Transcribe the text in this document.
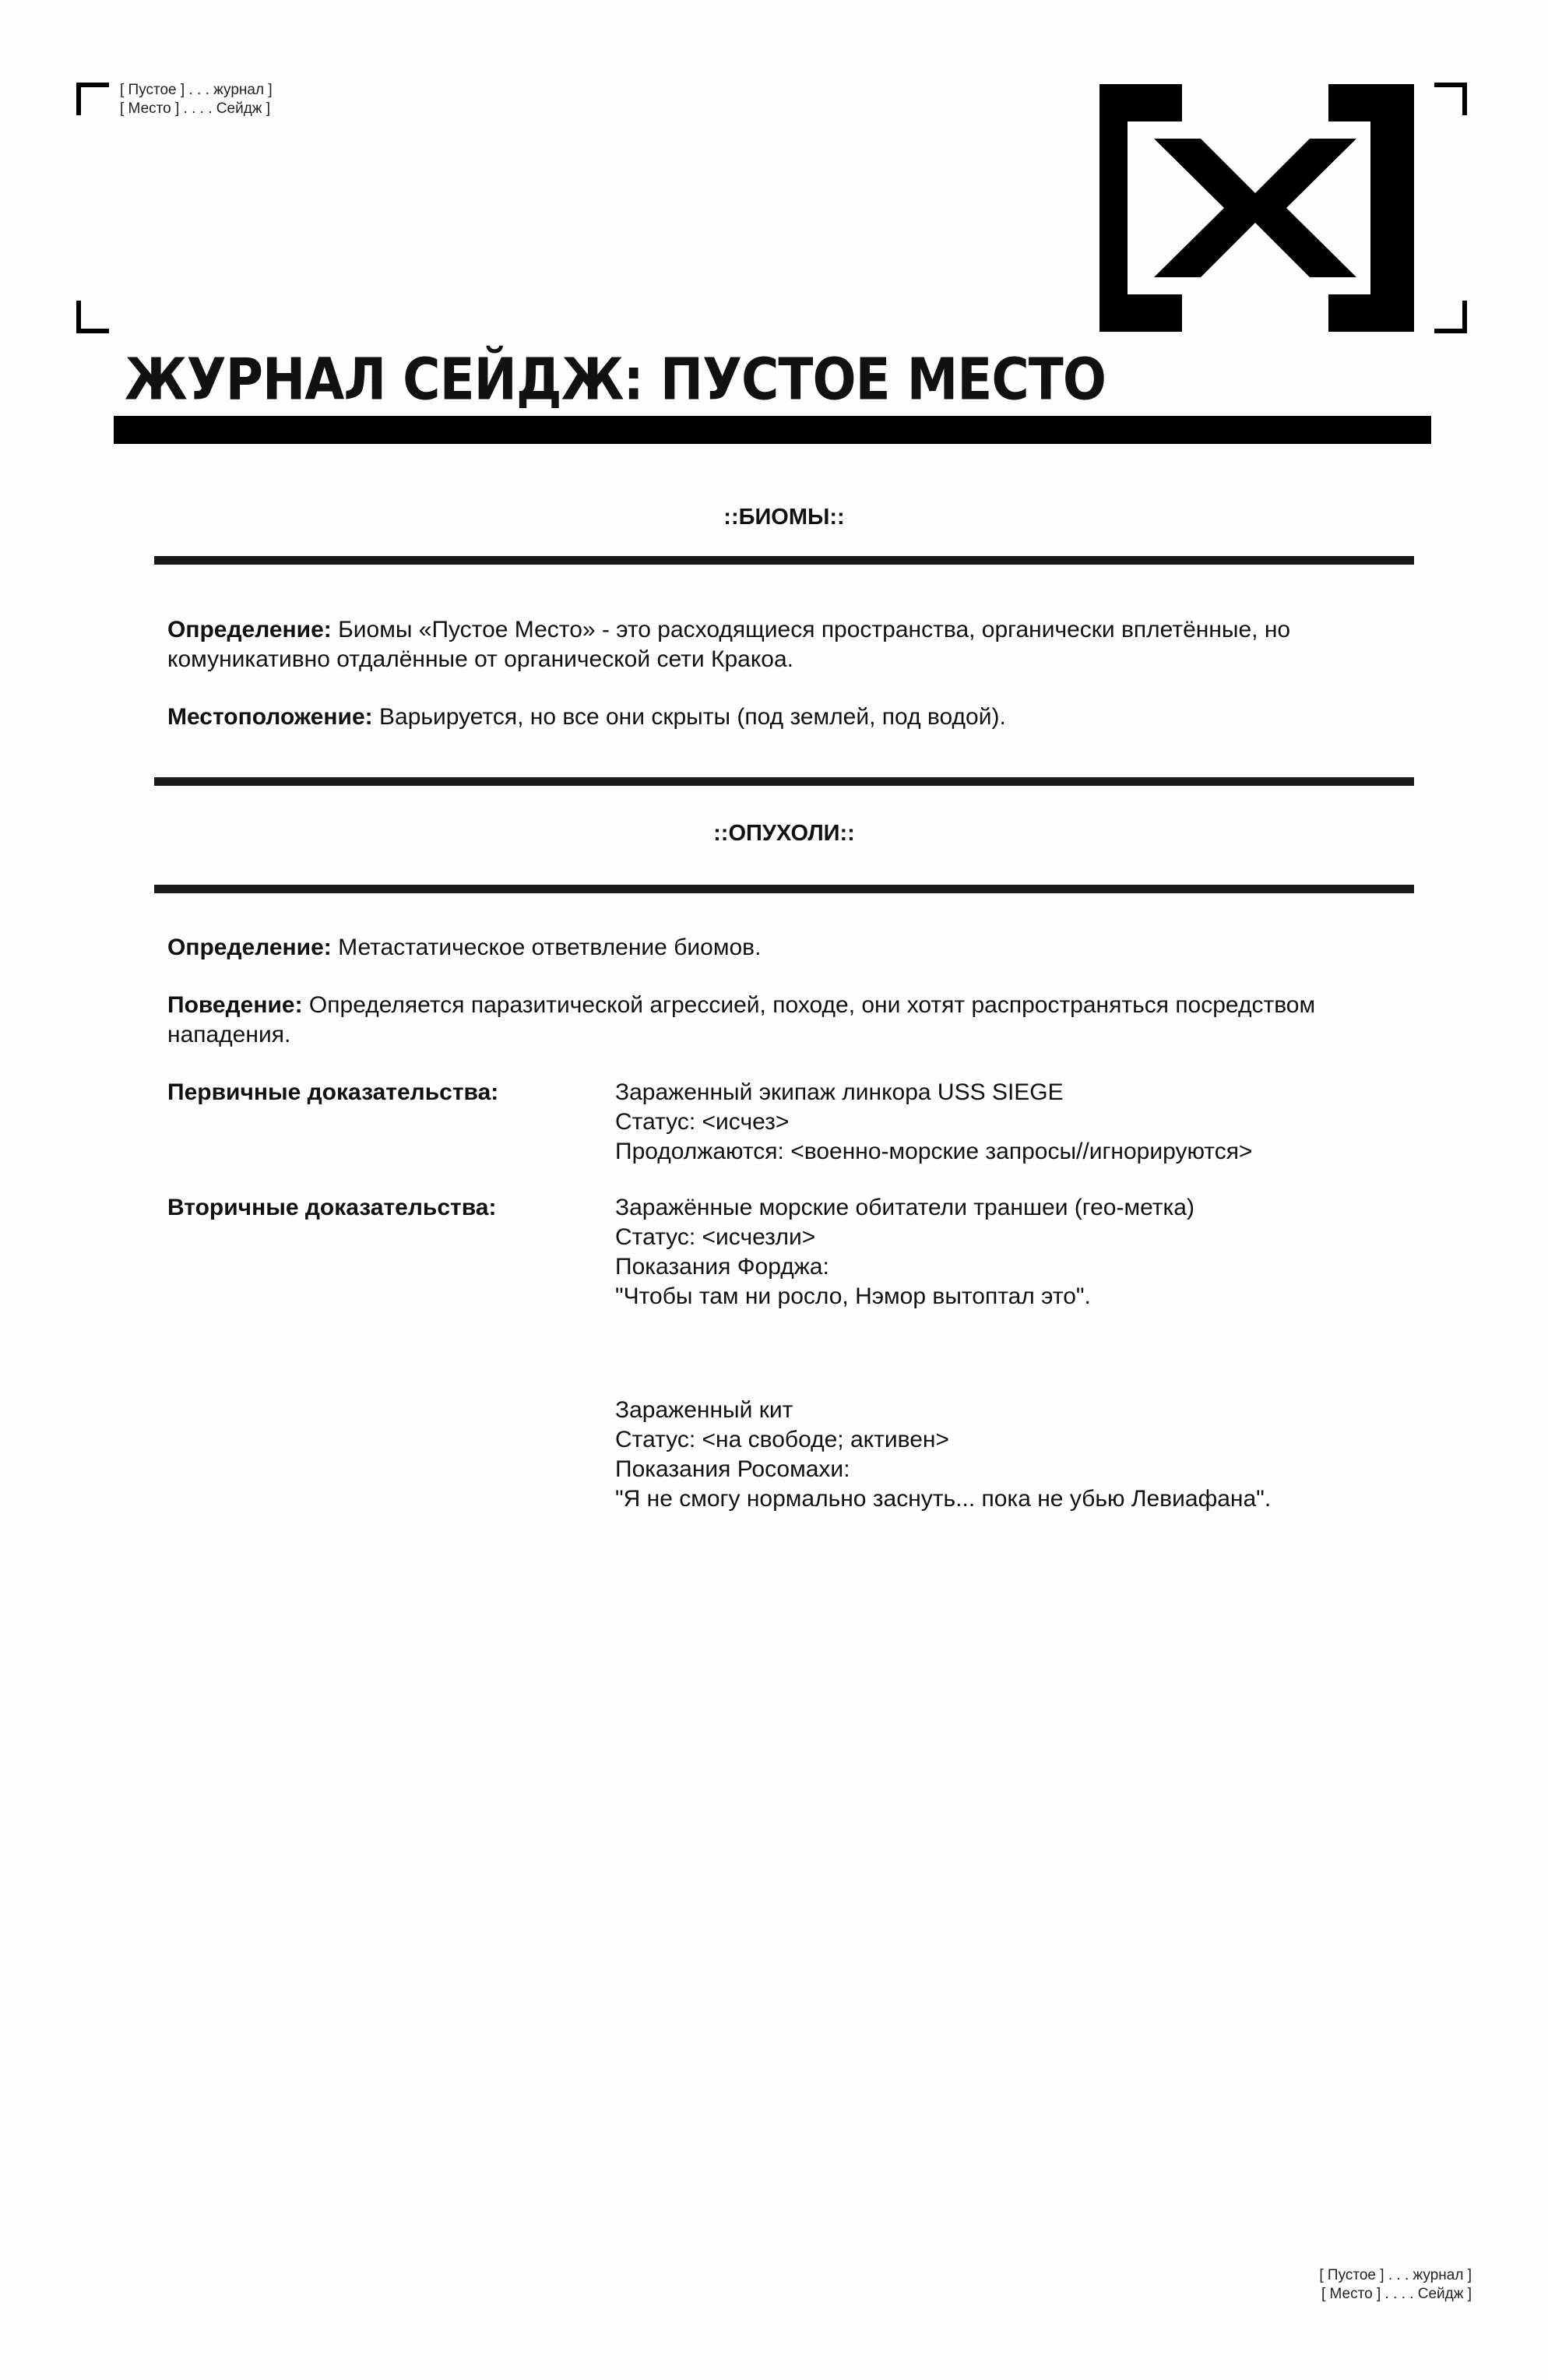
[ Пустое ] . . . журнал ]
[ Место ] . . . . Сейдж ]
ЖУРНАЛ СЕЙДЖ: ПУСТОЕ МЕСТО
::БИОМЫ::
Определение: Биомы «Пустое Место» - это расходящиеся пространства, органически вплетённые, но комуникативно отдалённые от органической сети Кракоа.
Местоположение: Варьируется, но все они скрыты (под землей, под водой).
::ОПУХОЛИ::
Определение: Метастатическое ответвление биомов.
Поведение: Определяется паразитической агрессией, походе, они хотят распространяться посредством нападения.
Первичные доказательства:	Зараженный экипаж линкора USS SIEGE
Статус: <исчез>
Продолжаются: <военно-морские запросы//игнорируются>
Вторичные доказательства:	Заражённые морские обитатели траншеи (гео-метка)
Статус: <исчезли>
Показания Форджа:
"Чтобы там ни росло, Нэмор вытоптал это".
Зараженный кит
Статус: <на свободе; активен>
Показания Росомахи:
"Я не смогу нормально заснуть... пока не убью Левиафана".
[ Пустое ] . . . журнал ]
[ Место ] . . . . Сейдж ]
